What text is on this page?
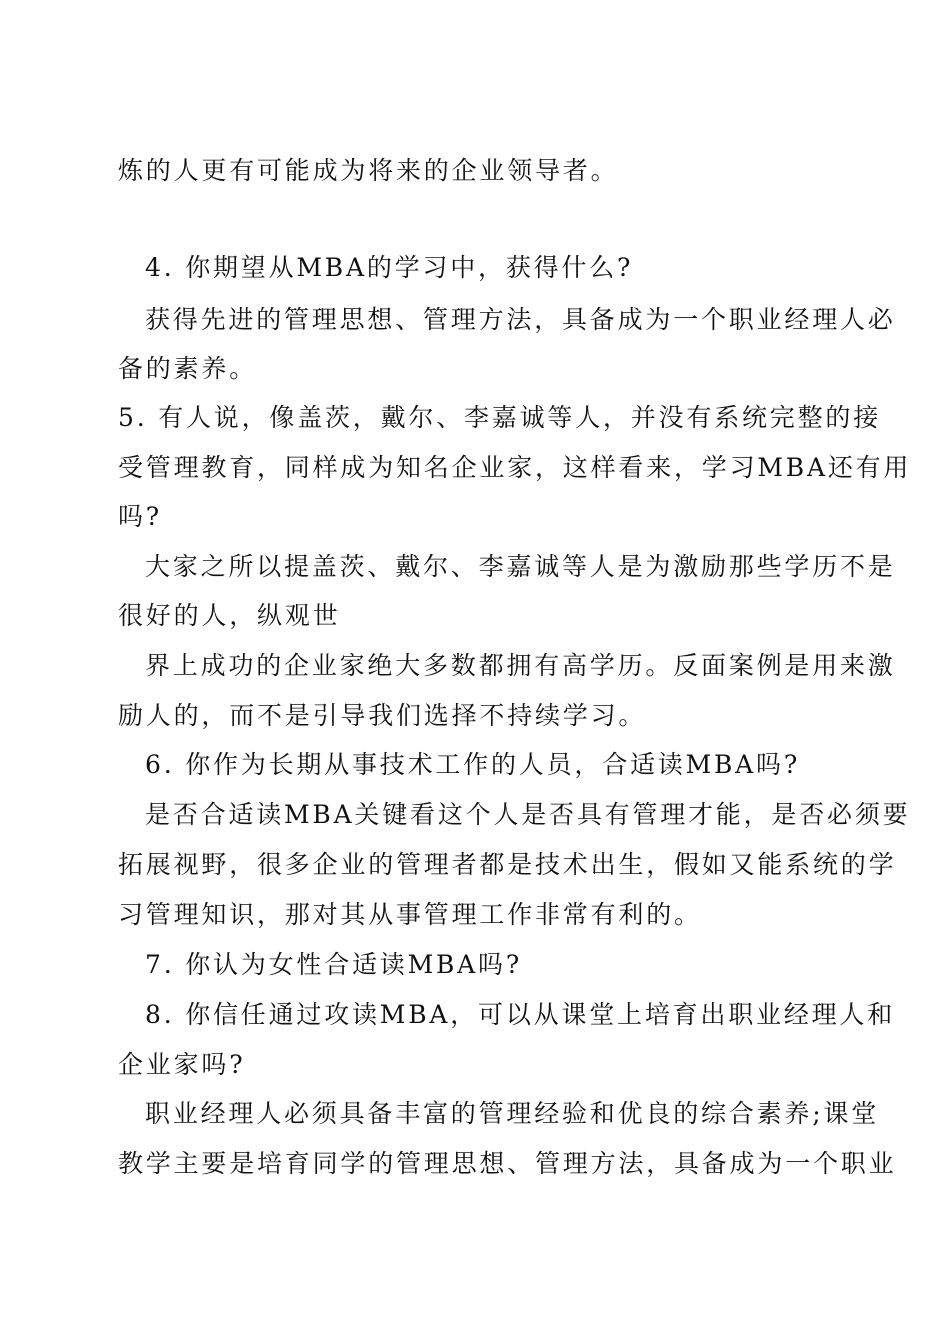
炼的人更有可能成为将来的企业领导者。
4. 你期望从MBA的学习中，获得什么?
获得先进的管理思想、管理方法，具备成为一个职业经理人必
备的素养。
5. 有人说，像盖茨，戴尔、李嘉诚等人，并没有系统完整的接
受管理教育，同样成为知名企业家，这样看来，学习MBA还有用
吗?
大家之所以提盖茨、戴尔、李嘉诚等人是为激励那些学历不是
很好的人，纵观世
界上成功的企业家绝大多数都拥有高学历。反面案例是用来激
励人的，而不是引导我们选择不持续学习。
6. 你作为长期从事技术工作的人员，合适读MBA吗?
是否合适读MBA关键看这个人是否具有管理才能，是否必须要
拓展视野，很多企业的管理者都是技术出生，假如又能系统的学
习管理知识，那对其从事管理工作非常有利的。
7. 你认为女性合适读MBA吗?
8. 你信任通过攻读MBA，可以从课堂上培育出职业经理人和
企业家吗?
职业经理人必须具备丰富的管理经验和优良的综合素养;课堂
教学主要是培育同学的管理思想、管理方法，具备成为一个职业
